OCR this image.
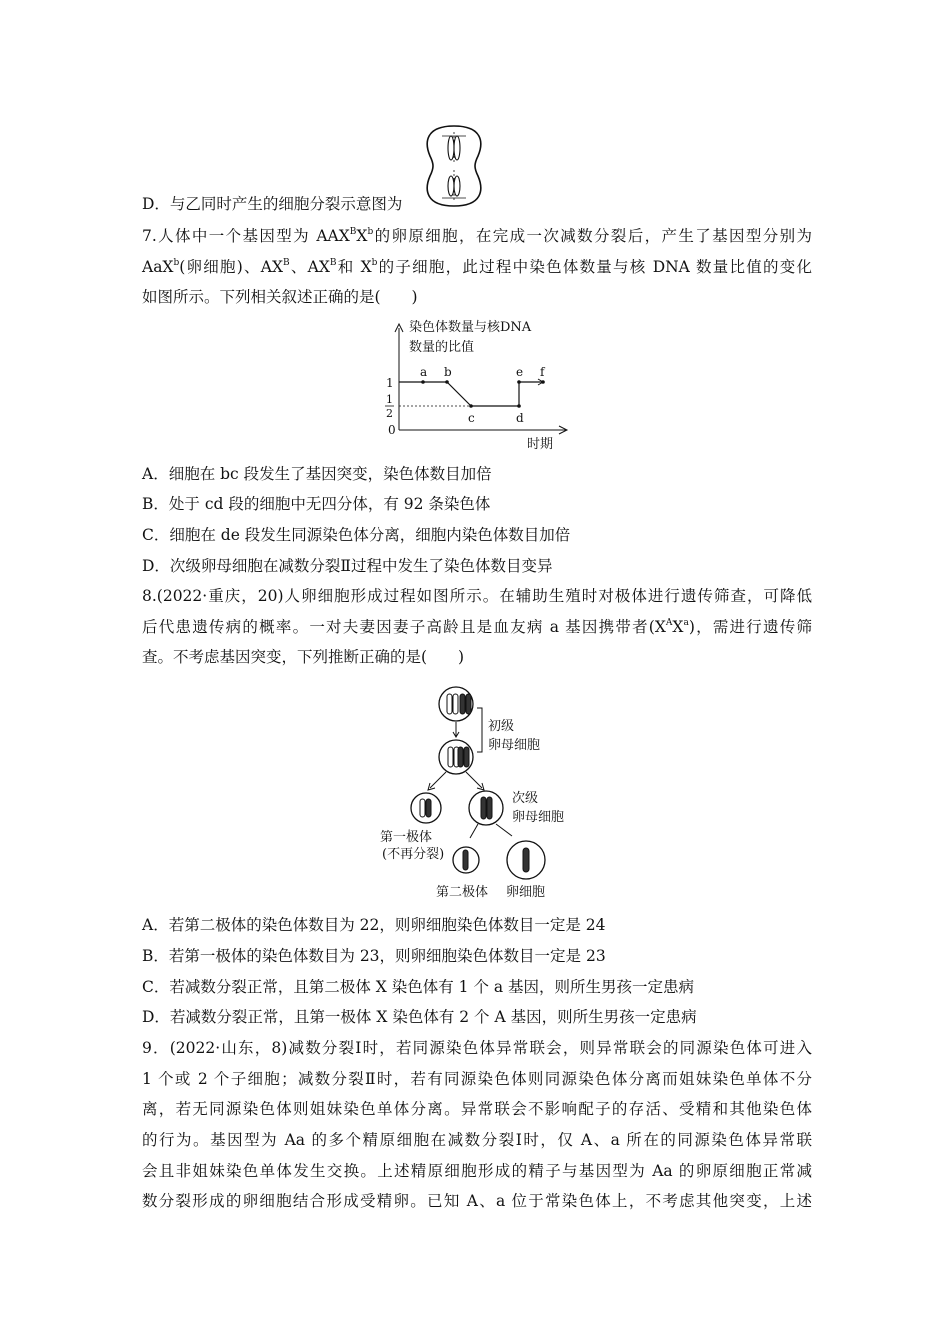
D．与乙同时产生的细胞分裂示意图为
7.人体中一个基因型为 $AAX^BX^b$的卵原细胞，在完成一次减数分裂后，产生了基因型分别为
AaX$^b$(卵细胞)、$AX^B$、$AX^B$和 $X^b$的子细胞，此过程中染色体数量与核 DNA 数量比值的变化
如图所示。下列相关叙述正确的是(　　)
染色体数量与核DNA
数量的比值
时期
1
1
2
0
a b
c	d
e f
A．细胞在 bc 段发生了基因突变，染色体数目加倍
B．处于 cd 段的细胞中无四分体，有 92 条染色体
C．细胞在 de 段发生同源染色体分离，细胞内染色体数目加倍
D．次级卵母细胞在减数分裂Ⅱ过程中发生了染色体数目变异
8.(2022·重庆，20)人卵细胞形成过程如图所示。在辅助生殖时对极体进行遗传筛查，可降低
后代患遗传病的概率。一对夫妻因妻子高龄且是血友病 a 基因携带者$(X^AX^a)$，需进行遗传筛
查。不考虑基因突变，下列推断正确的是(　　)
初级
卵母细胞
第一极体
(不再分裂)
次级
卵母细胞
第二极体 卵细胞
A．若第二极体的染色体数目为 22，则卵细胞染色体数目一定是 24
B．若第一极体的染色体数目为 23，则卵细胞染色体数目一定是 23
C．若减数分裂正常，且第二极体 X 染色体有 1 个 a 基因，则所生男孩一定患病
D．若减数分裂正常，且第一极体 X 染色体有 2 个 A 基因，则所生男孩一定患病
9．(2022·山东，8)减数分裂Ⅰ时，若同源染色体异常联会，则异常联会的同源染色体可进入
1 个或 2 个子细胞；减数分裂Ⅱ时，若有同源染色体则同源染色体分离而姐妹染色单体不分
离，若无同源染色体则姐妹染色单体分离。异常联会不影响配子的存活、受精和其他染色体
的行为。基因型为 Aa 的多个精原细胞在减数分裂Ⅰ时，仅 A、a 所在的同源染色体异常联
会且非姐妹染色单体发生交换。上述精原细胞形成的精子与基因型为 Aa 的卵原细胞正常减
数分裂形成的卵细胞结合形成受精卵。已知 A、a 位于常染色体上，不考虑其他突变，上述
